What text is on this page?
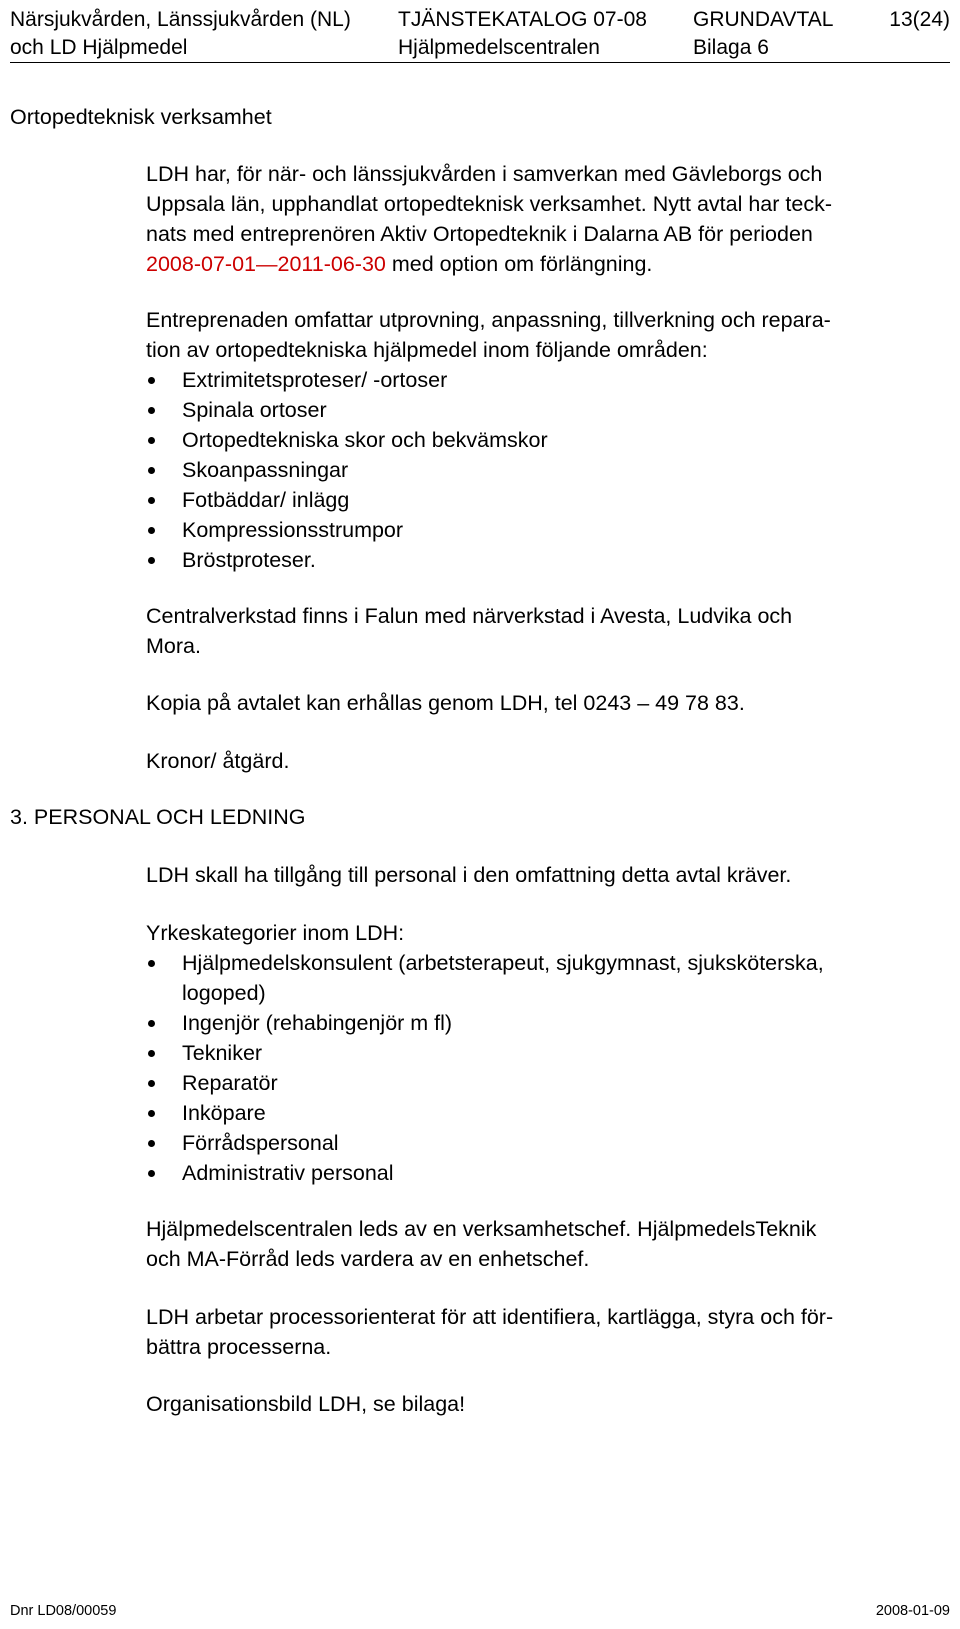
Närsjukvården, Länssjukvården (NL) TJÄNSTEKATALOG 07-08 GRUNDAVTAL	13(24)
och LD Hjälpmedel	Hjälpmedelscentralen	Bilaga 6
Ortopedteknisk verksamhet

LDH har, för när- och länssjukvården i samverkan med Gävleborgs och

Uppsala län, upphandlat ortopedteknisk verksamhet. Nytt avtal har teck-

nats med entreprenören Aktiv Ortopedteknik i Dalarna AB för perioden

2008-07-01—2011-06-30 med option om förlängning.

Entreprenaden omfattar utprovning, anpassning, tillverkning och repara-

tion av ortopedtekniska hjälpmedel inom följande områden:

Extrimitetsproteser/ -ortoser
Spinala ortoser
Ortopedtekniska skor och bekvämskor
Skoanpassningar
Fotbäddar/ inlägg
Kompressionsstrumpor
Bröstproteser.

Centralverkstad finns i Falun med närverkstad i Avesta, Ludvika och

Mora.

Kopia på avtalet kan erhållas genom LDH, tel 0243 – 49 78 83.
Kronor/ åtgärd.
3. PERSONAL OCH LEDNING
LDH skall ha tillgång till personal i den omfattning detta avtal kräver.

Yrkeskategorier inom LDH:

Hjälpmedelskonsulent (arbetsterapeut, sjukgymnast, sjuksköterska,
logoped)
Ingenjör (rehabingenjör m fl)
Tekniker
Reparatör
Inköpare
Förrådspersonal
Administrativ personal

Hjälpmedelscentralen leds av en verksamhetschef. HjälpmedelsTeknik

och MA-Förråd leds vardera av en enhetschef.

LDH arbetar processorienterat för att identifiera, kartlägga, styra och för-

bättra processerna.

Organisationsbild LDH, se bilaga!
Dnr LD08/00059	2008-01-09
